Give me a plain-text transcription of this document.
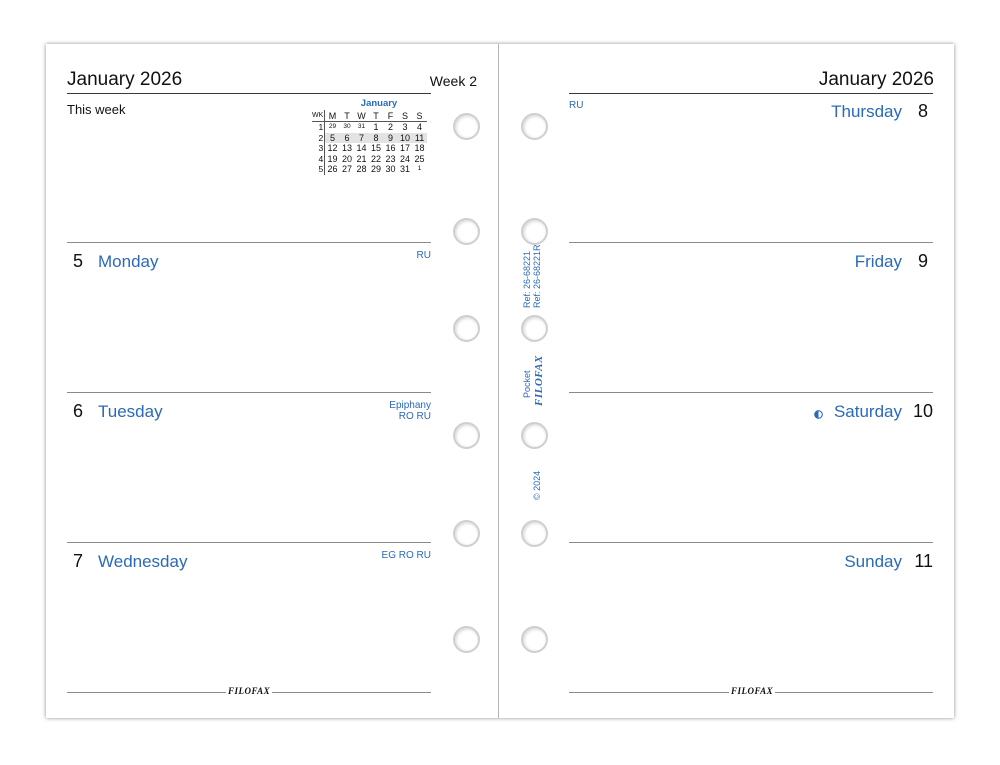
January 2026	Week 2
This week	January
WK	M	T	W	T	F	S	S
1	29	30	31	1	2	3	4
2	5	6	7	8	9	10	11
3	12	13	14	15	16	17	18
4	19	20	21	22	23	24	25
5	26	27	28	29	30	31	1
5 Monday	RU
6 Tuesday	Epiphany
RO RU
7 Wednesday	EG RO RU
FILOFAX
January 2026
RU	Thursday 8
Friday 9
Saturday 10
Sunday 11
FILOFAX
Ref: 26-68221 Ref: 26-68221R
Pocket FILOFAX
© 2024
